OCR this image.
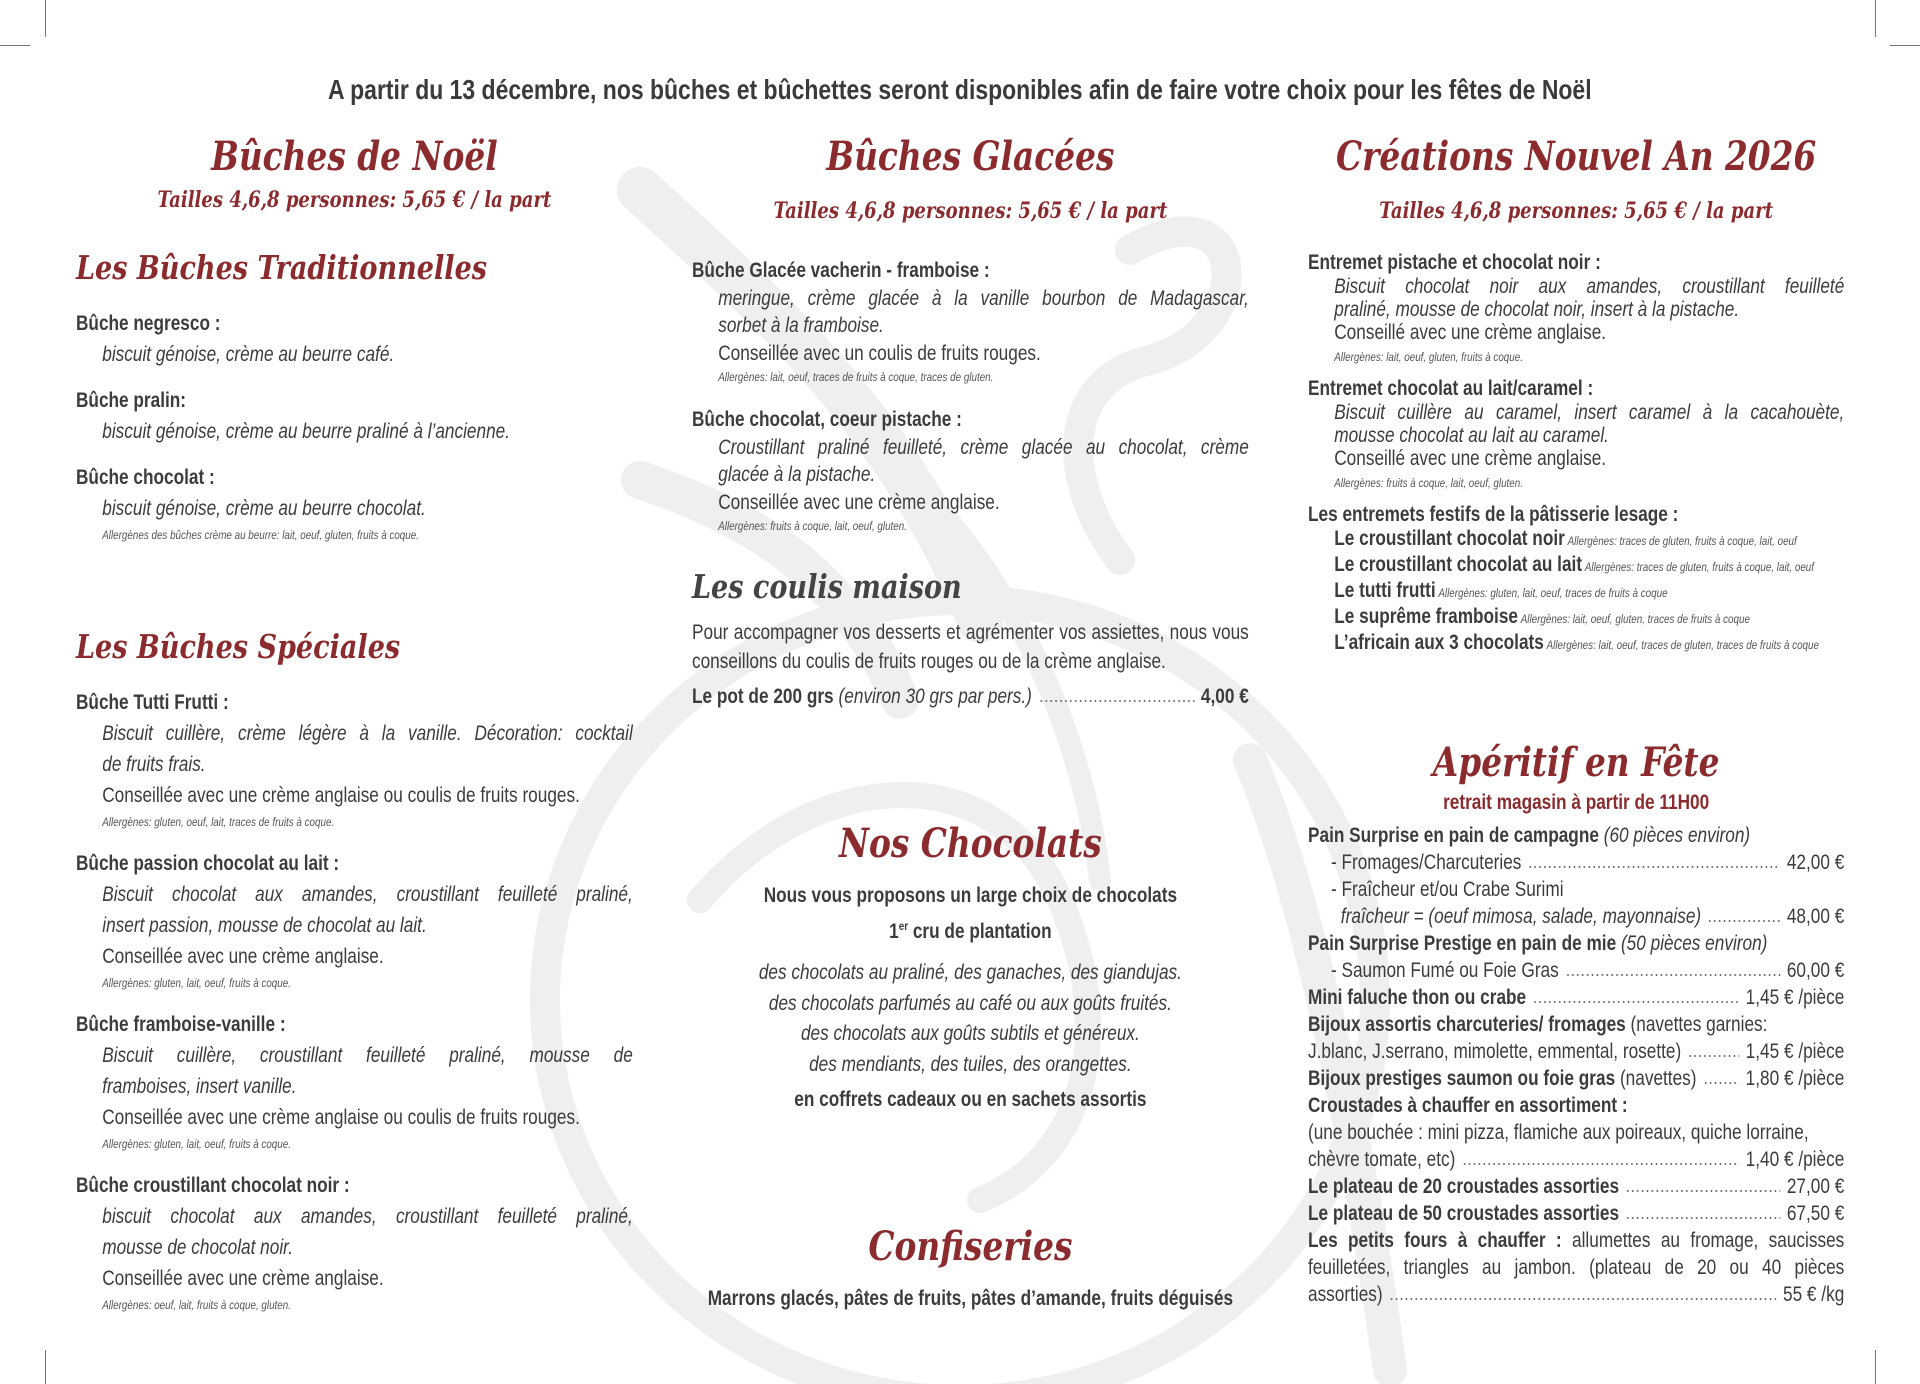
A partir du 13 décembre, nos bûches et bûchettes seront disponibles afin de faire votre choix pour les fêtes de Noël
Bûches de Noël
Tailles 4,6,8 personnes: 5,65 € / la part
Les Bûches Traditionnelles
Bûche negresco :
biscuit génoise, crème au beurre café.
Bûche pralin:
biscuit génoise, crème au beurre praliné à l’ancienne.
Bûche chocolat :
biscuit génoise, crème au beurre chocolat.
Allergènes des bûches crème au beurre: lait, oeuf, gluten, fruits à coque.
Les Bûches Spéciales
Bûche Tutti Frutti :
Biscuit cuillère, crème légère à la vanille. Décoration: cocktail
de fruits frais.
Conseillée avec une crème anglaise ou coulis de fruits rouges.
Allergènes: gluten, oeuf, lait, traces de fruits à coque.
Bûche passion chocolat au lait :
Biscuit chocolat aux amandes, croustillant feuilleté praliné,
insert passion, mousse de chocolat au lait.
Conseillée avec une crème anglaise.
Allergènes: gluten, lait, oeuf, fruits à coque.
Bûche framboise-vanille :
Biscuit cuillère, croustillant feuilleté praliné, mousse de
framboises, insert vanille.
Conseillée avec une crème anglaise ou coulis de fruits rouges.
Allergènes: gluten, lait, oeuf, fruits à coque.
Bûche croustillant chocolat noir :
biscuit chocolat aux amandes, croustillant feuilleté praliné,
mousse de chocolat noir.
Conseillée avec une crème anglaise.
Allergènes: oeuf, lait, fruits à coque, gluten.
Bûches Glacées
Tailles 4,6,8 personnes: 5,65 € / la part
Bûche Glacée vacherin - framboise :
meringue, crème glacée à la vanille bourbon de Madagascar,
sorbet à la framboise.
Conseillée avec un coulis de fruits rouges.
Allergènes: lait, oeuf, traces de fruits à coque, traces de gluten.
Bûche chocolat, coeur pistache :
Croustillant praliné feuilleté, crème glacée au chocolat, crème
glacée à la pistache.
Conseillée avec une crème anglaise.
Allergènes: fruits à coque, lait, oeuf, gluten.
Les coulis maison
Pour accompagner vos desserts et agrémenter vos assiettes, nous vous conseillons du coulis de fruits rouges ou de la crème anglaise.
Le pot de 200 grs (environ 30 grs par pers.)	4,00 €
Nos Chocolats
Nous vous proposons un large choix de chocolats
1er cru de plantation
des chocolats au praliné, des ganaches, des giandujas.
des chocolats parfumés au café ou aux goûts fruités.
des chocolats aux goûts subtils et généreux.
des mendiants, des tuiles, des orangettes.
en coffrets cadeaux ou en sachets assortis
Confiseries
Marrons glacés, pâtes de fruits, pâtes d’amande, fruits déguisés
Créations Nouvel An 2026
Tailles 4,6,8 personnes: 5,65 € / la part
Entremet pistache et chocolat noir :
Biscuit chocolat noir aux amandes, croustillant feuilleté
praliné, mousse de chocolat noir, insert à la pistache.
Conseillé avec une crème anglaise.
Allergènes: lait, oeuf, gluten, fruits à coque.
Entremet chocolat au lait/caramel :
Biscuit cuillère au caramel, insert caramel à la cacahouète,
mousse chocolat au lait au caramel.
Conseillé avec une crème anglaise.
Allergènes: fruits à coque, lait, oeuf, gluten.
Les entremets festifs de la pâtisserie lesage :
Le croustillant chocolat noir Allergènes: traces de gluten, fruits à coque, lait, oeuf
Le croustillant chocolat au lait Allergènes: traces de gluten, fruits à coque, lait, oeuf
Le tutti frutti Allergènes: gluten, lait, oeuf, traces de fruits à coque
Le suprême framboise Allergènes: lait, oeuf, gluten, traces de fruits à coque
L’africain aux 3 chocolats Allergènes: lait, oeuf, traces de gluten, traces de fruits à coque
Apéritif en Fête
retrait magasin à partir de 11H00
Pain Surprise en pain de campagne
(60 pièces environ)
- Fromages/Charcuteries	42,00 €
- Fraîcheur et/ou Crabe Surimi
fraîcheur = (oeuf mimosa, salade, mayonnaise)	48,00 €
Pain Surprise Prestige en pain de mie
(50 pièces environ)
- Saumon Fumé ou Foie Gras	60,00 €
Mini faluche thon ou crabe	1,45 € /pièce
Bijoux assortis charcuteries/ fromages
(navettes garnies:
J.blanc, J.serrano, mimolette, emmental, rosette)	1,45 € /pièce
Bijoux prestiges saumon ou foie gras
(navettes) 1,80 € /pièce
Croustades à chauffer en assortiment :
(une bouchée : mini pizza, flamiche aux poireaux, quiche lorraine,
chèvre tomate, etc)	1,40 € /pièce
Le plateau de 20 croustades assorties	27,00 €
Le plateau de 50 croustades assorties	67,50 €
Les petits fours à chauffer : allumettes au fromage, saucisses
feuilletées, triangles au jambon. (plateau de 20 ou 40 pièces
assorties)	55 € /kg
